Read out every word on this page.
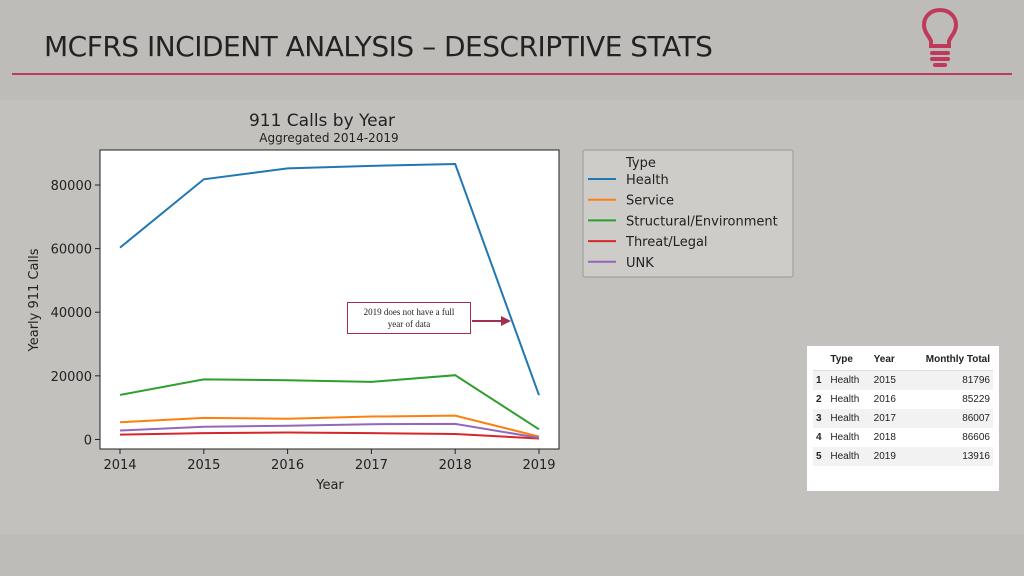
MCFRS INCIDENT ANALYSIS – DESCRIPTIVE STATS
911 Calls by Year
Aggregated 2014-2019
0
20000
40000
60000
80000
2014	2015	2016	2017	2018	2019
Year
Yearly 911 Calls
Type
Health
Service
Structural/Environment
Threat/Legal
UNK
2019 does not have a full
year of data
	Type	Year	Monthly Total
1	Health	2015	81796
2	Health	2016	85229
3	Health	2017	86007
4	Health	2018	86606
5	Health	2019	13916
